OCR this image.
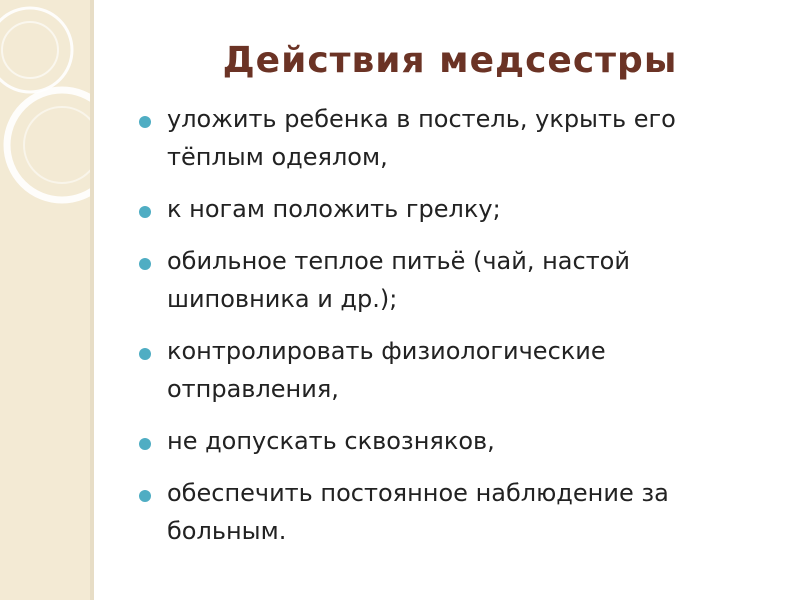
Действия медсестры
уложить ребенка в постель, укрыть его тёплым одеялом,
к ногам положить грелку;
обильное теплое питьё (чай, настой шиповника и др.);
контролировать физиологические отправления,
не допускать сквозняков,
обеспечить постоянное наблюдение за больным.
